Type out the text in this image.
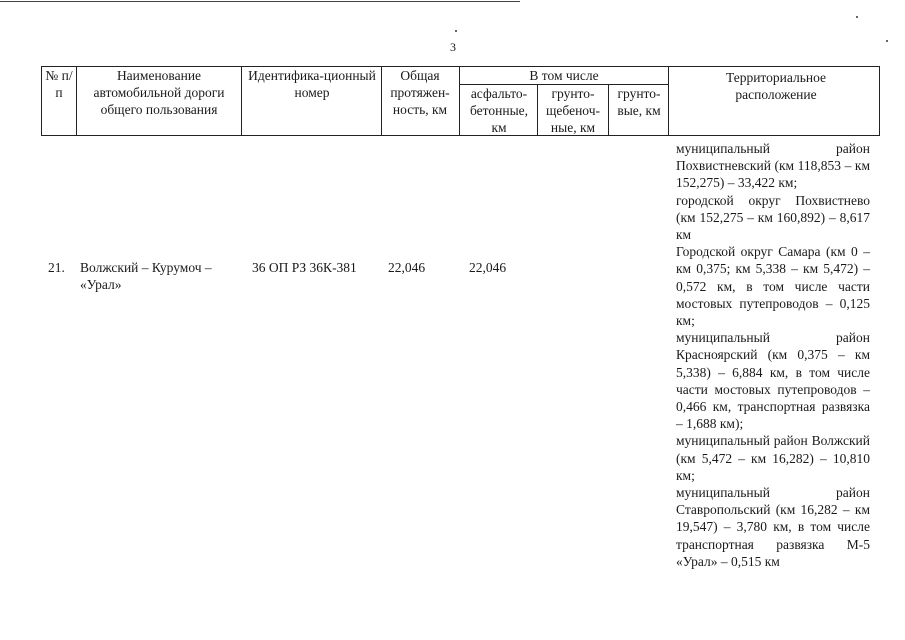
3
№ п/п
Наименование автомобильной дороги общего пользования
Идентифика-ционный номер
Общая протяжен-ность, км
В том числе
асфальто-бетонные, км
грунто-щебеноч-ные, км
грунто-вые, км
Территориальное расположение
21. Волжский – Курумоч – «Урал»
36 ОП РЗ 36К-381 22,046	22,046

муниципальный район Похвистневский (км 118,853 – км 152,275) – 33,422 км;

городской округ Похвистнево (км 152,275 – км 160,892) – 8,617 км

Городской округ Самара (км 0 – км 0,375; км 5,338 – км 5,472) – 0,572 км, в том числе части мостовых путепроводов – 0,125 км;

муниципальный район Красноярский (км 0,375 – км 5,338) – 6,884 км, в том числе части мостовых путепроводов – 0,466 км, транспортная развязка – 1,688 км);

муниципальный район Волжский (км 5,472 – км 16,282) – 10,810 км;

муниципальный район Ставропольский (км 16,282 – км 19,547) – 3,780 км, в том числе транспортная развязка М-5 «Урал» – 0,515 км
